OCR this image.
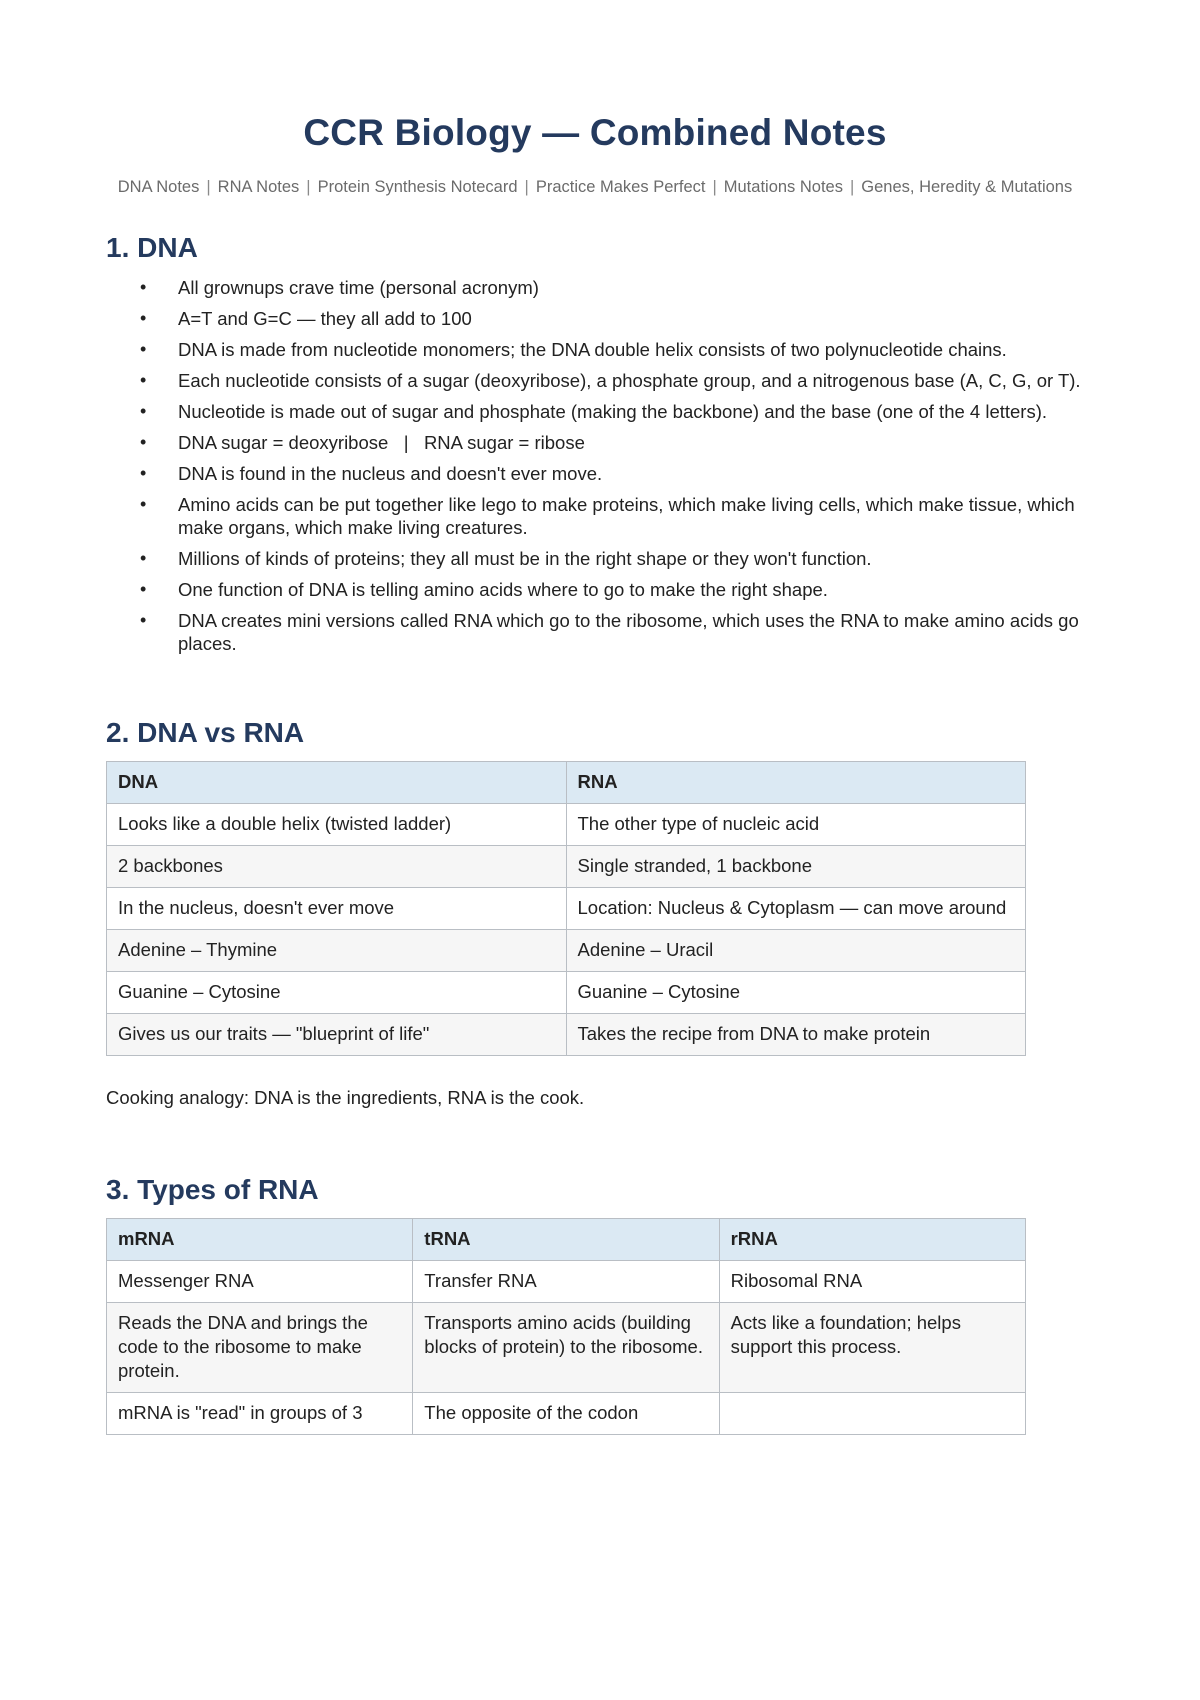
CCR Biology — Combined Notes
DNA Notes | RNA Notes | Protein Synthesis Notecard | Practice Makes Perfect | Mutations Notes | Genes, Heredity & Mutations
1. DNA
• All grownups crave time (personal acronym)
• A=T and G=C — they all add to 100
• DNA is made from nucleotide monomers; the DNA double helix consists of two polynucleotide chains.
• Each nucleotide consists of a sugar (deoxyribose), a phosphate group, and a nitrogenous base (A, C, G, or T).
• Nucleotide is made out of sugar and phosphate (making the backbone) and the base (one of the 4 letters).
• DNA sugar = deoxyribose   |   RNA sugar = ribose
• DNA is found in the nucleus and doesn't ever move.
• Amino acids can be put together like lego to make proteins, which make living cells, which make tissue, which make organs, which make living creatures.
• Millions of kinds of proteins; they all must be in the right shape or they won't function.
• One function of DNA is telling amino acids where to go to make the right shape.
• DNA creates mini versions called RNA which go to the ribosome, which uses the RNA to make amino acids go places.
2. DNA vs RNA
DNA	RNA
Looks like a double helix (twisted ladder)	The other type of nucleic acid
2 backbones	Single stranded, 1 backbone
In the nucleus, doesn't ever move	Location: Nucleus & Cytoplasm — can move around
Adenine – Thymine	Adenine – Uracil
Guanine – Cytosine	Guanine – Cytosine
Gives us our traits — "blueprint of life"	Takes the recipe from DNA to make protein

Cooking analogy: DNA is the ingredients, RNA is the cook.

3. Types of RNA
mRNA	tRNA	rRNA
Messenger RNA	Transfer RNA	Ribosomal RNA
Reads the DNA and brings the code to the ribosome to make protein.	Transports amino acids (building blocks of protein) to the ribosome.	Acts like a foundation; helps support this process.
mRNA is "read" in groups of 3	The opposite of the codon	
